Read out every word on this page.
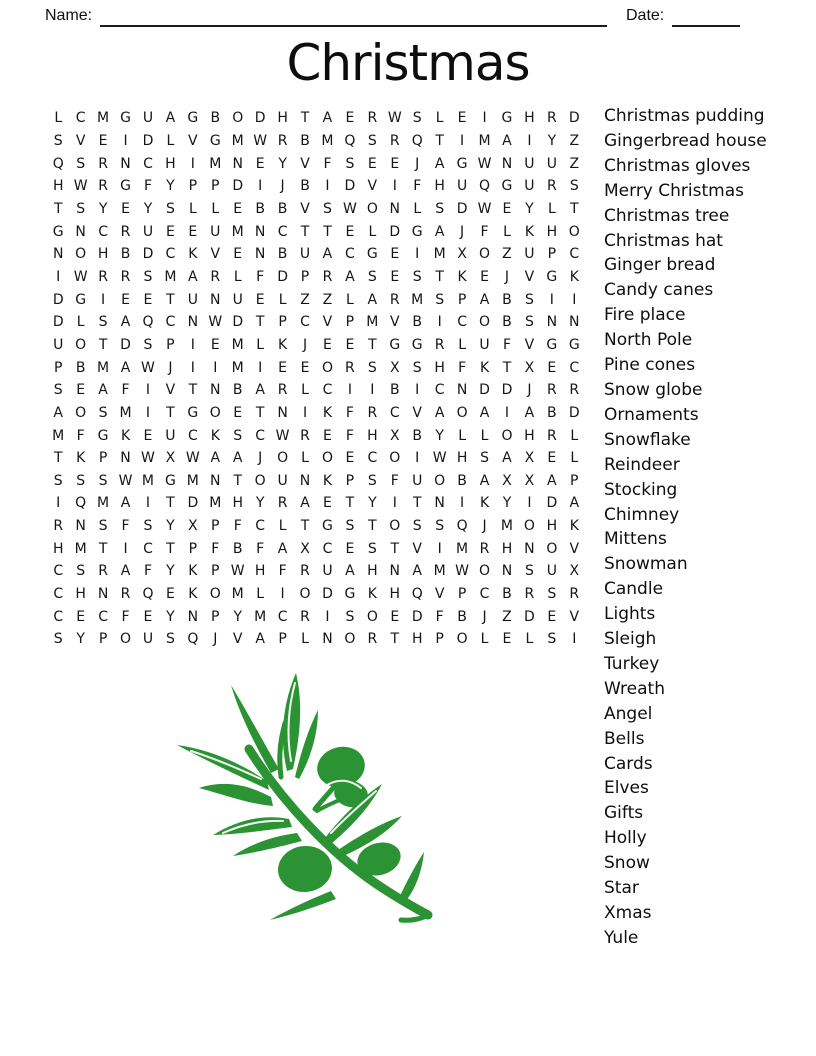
Name:	Date:
Christmas
L C M G U A G B O D H T A E R W S	L	E	I	G H R D
S V E	I	D L V G M W R B M Q S R Q T	I	M A	I	Y Z
Q S R N C H	I	M N E Y V F S E E	J	A G W N U U Z
H W R G F	Y P P D	I	J	B	I	D V	I	F H U Q G U R S
T S Y E Y S	L	L	E B B V S W O N L	S D W E Y	L	T
G N C R U E E U M N C T T E	L D G A	J	F	L K H O
N O H B D C K V E N B U A C G E	I	M X O Z U P C
I W R R S M A R L	F D P R A S E S T K E	J	V G K
D G	I	E E T U N U E	L Z Z L A R M S P A B S	I	I
D L	S A Q C N W D T P C V P M V B	I	C O B S N N
U O T D S P	I	E M L K	J	E E T G G R L U F V G G
P B M A W J	I	I	M	I	E E O R S X S H F K T X E C
S E A F	I	V T N B A R L C	I	I	B	I	C N D D	J	R R
A O S M	I	T G O E T N	I	K F R C V A O A	I	A B D
M F G K E U C K S C W R E F H X B Y	L	L O H R L
T K P N W X W A A	J	O L O E C O	I W H S A X E	L
S S S W M G M N T O U N K P S F U O B A X X A P
I	Q M A	I	T D M H Y R A E T Y	I	T N	I	K Y	I	D A
R N S F S Y X P	F C L	T G S T O S S Q	J	M O H K
H M T	I	C T P	F B F A X C E S T V	I	M R H N O V
C S R A F	Y K P W H F R U A H N A M W O N S U X
C H N R Q E K O M L	I	O D G K H Q V P C B R S R
C E C F E Y N P Y M C R	I	S O E D F B	J	Z D E V
S Y P O U S Q	J	V A P	L N O R T H P O L	E	L	S	I
Christmas pudding
Gingerbread house
Christmas gloves
Merry Christmas
Christmas tree
Christmas hat
Ginger bread
Candy canes
Fire place
North Pole
Pine cones
Snow globe
Ornaments
Snowflake
Reindeer
Stocking
Chimney
Mittens
Snowman
Candle
Lights
Sleigh
Turkey
Wreath
Angel
Bells
Cards
Elves
Gifts
Holly
Snow
Star
Xmas
Yule
